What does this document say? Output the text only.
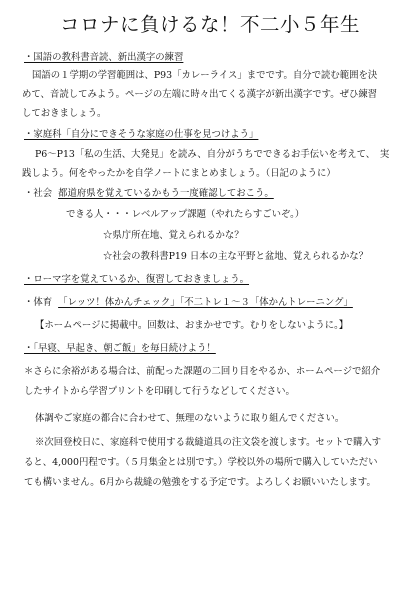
コロナに負けるな！不二小５年生
・国語の教科書音読、新出漢字の練習
国語の１学期の学習範囲は、P93「カレーライス」までです。自分で読む範囲を決
めて、音読してみよう。ページの左端に時々出てくる漢字が新出漢字です。ぜひ練習
しておきましょう。
・家庭科「自分にできそうな家庭の仕事を見つけよう」
P6～P13「私の生活、大発見」を読み、自分がうちでできるお手伝いを考えて、　実
践しよう。何をやったかを自学ノートにまとめましょう。（日記のように）
・社会 都道府県を覚えているかもう一度確認しておこう。
できる人・・・レベルアップ課題（やれたらすごいぞ。）
☆県庁所在地、覚えられるかな？
☆社会の教科書P19 日本の主な平野と盆地、覚えられるかな？
・ローマ字を覚えているか、復習しておきましょう。
・体育 「レッツ！体かんチェック」「不二トレ１～３「体かんトレーニング」
【ホームページに掲載中。回数は、おまかせです。むりをしないように。】
・「早寝、早起き、朝ご飯」を毎日続けよう！
＊さらに余裕がある場合は、前配った課題の二回り目をやるか、ホームページで紹介
したサイトから学習プリントを印刷して行うなどしてください。
体調やご家庭の都合に合わせて、無理のないように取り組んでください。
※次回登校日に、家庭科で使用する裁縫道具の注文袋を渡します。セットで購入す
ると、4,000円程です。（５月集金とは別です。）学校以外の場所で購入していただい
ても構いません。6月から裁縫の勉強をする予定です。よろしくお願いいたします。
